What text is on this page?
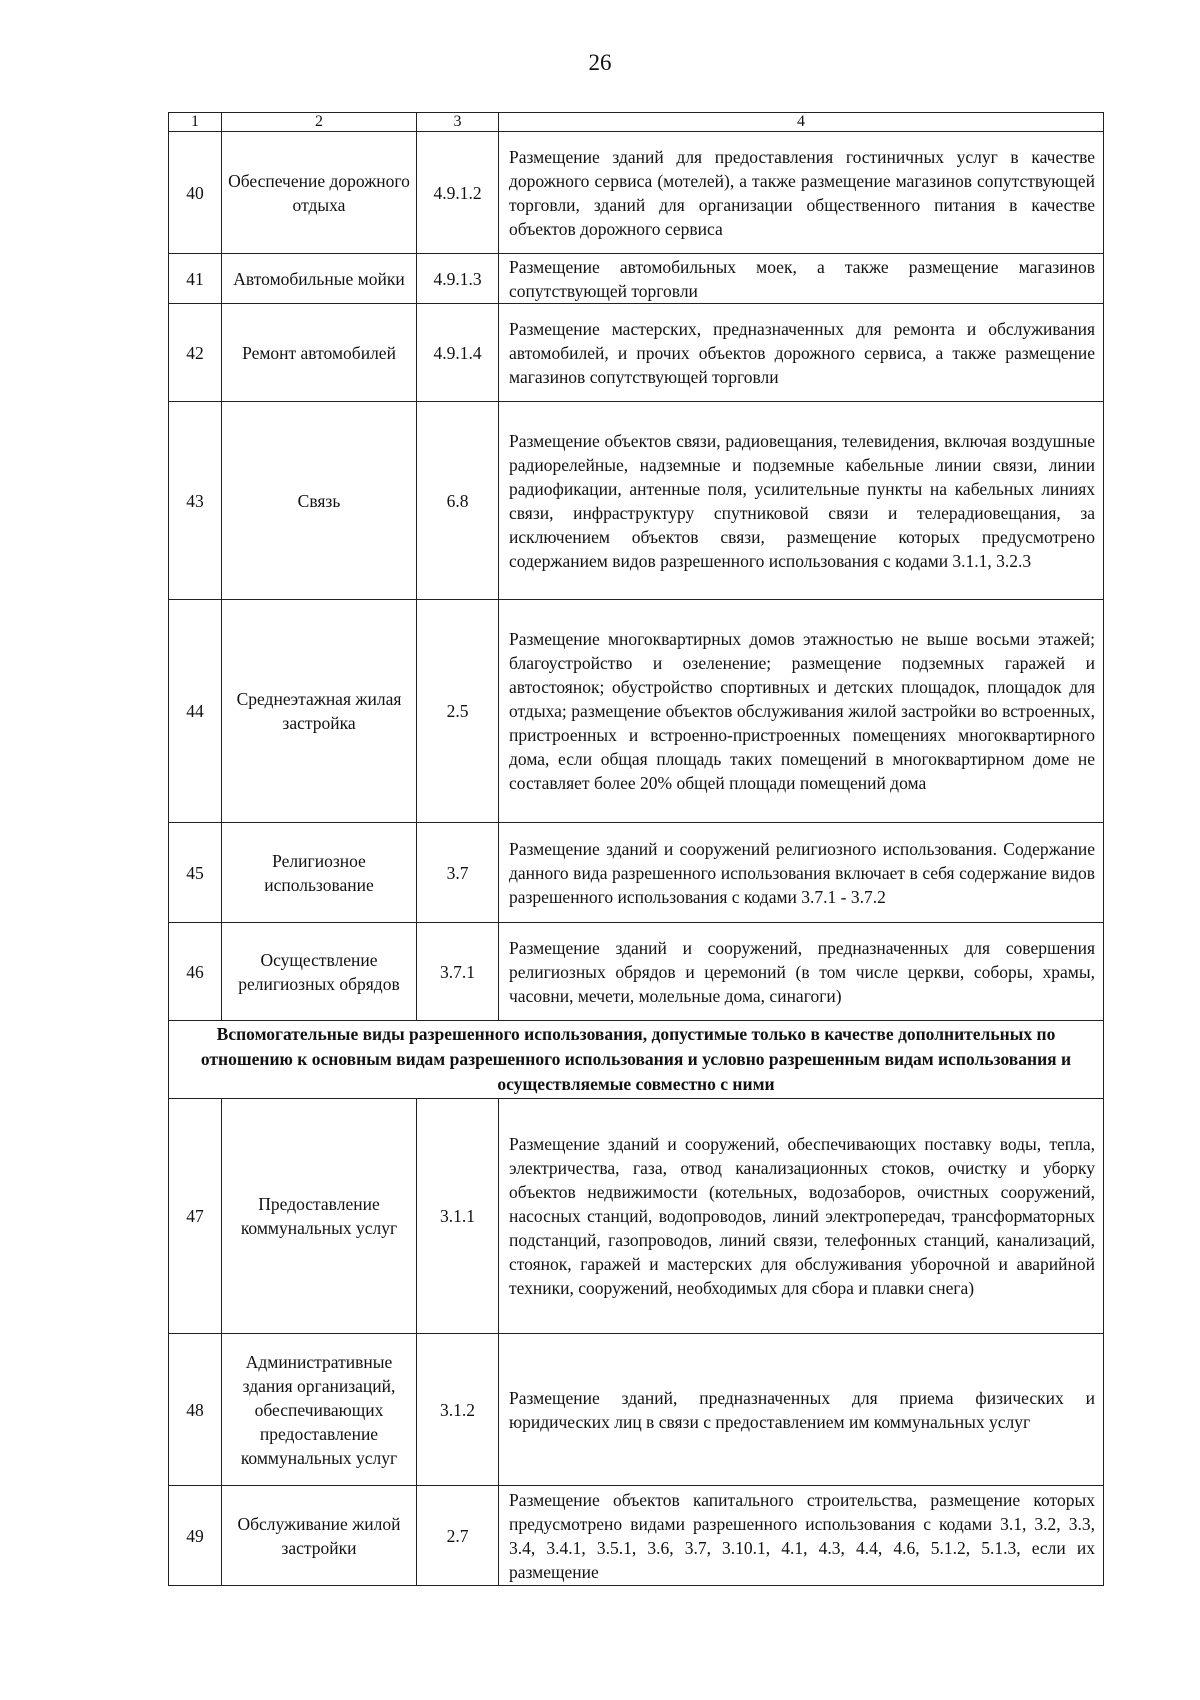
26
1	2	3	4
40	Обеспечение дорожного отдыха	4.9.1.2	Размещение зданий для предоставления гостиничных услуг в качестве дорожного сервиса (мотелей), а также размещение магазинов сопутствующей торговли, зданий для организации общественного питания в качестве объектов дорожного сервиса
41	Автомобильные мойки	4.9.1.3	Размещение автомобильных моек, а также размещение магазинов сопутствующей торговли
42	Ремонт автомобилей	4.9.1.4	Размещение мастерских, предназначенных для ремонта и обслуживания автомобилей, и прочих объектов дорожного сервиса, а также размещение магазинов сопутствующей торговли
43	Связь	6.8	Размещение объектов связи, радиовещания, телевидения, включая воздушные радиорелейные, надземные и подземные кабельные линии связи, линии радиофикации, антенные поля, усилительные пункты на кабельных линиях связи, инфраструктуру спутниковой связи и телерадиовещания, за исключением объектов связи, размещение которых предусмотрено содержанием видов разрешенного использования с кодами 3.1.1, 3.2.3
44	Среднеэтажная жилая застройка	2.5	Размещение многоквартирных домов этажностью не выше восьми этажей; благоустройство и озеленение; размещение подземных гаражей и автостоянок; обустройство спортивных и детских площадок, площадок для отдыха; размещение объектов обслуживания жилой застройки во встроенных, пристроенных и встроенно-пристроенных помещениях многоквартирного дома, если общая площадь таких помещений в многоквартирном доме не составляет более 20% общей площади помещений дома
45	Религиозное использование	3.7	Размещение зданий и сооружений религиозного использования. Содержание данного вида разрешенного использования включает в себя содержание видов разрешенного использования с кодами 3.7.1 - 3.7.2
46	Осуществление религиозных обрядов	3.7.1	Размещение зданий и сооружений, предназначенных для совершения религиозных обрядов и церемоний (в том числе церкви, соборы, храмы, часовни, мечети, молельные дома, синагоги)
Вспомогательные виды разрешенного использования, допустимые только в качестве дополнительных по отношению к основным видам разрешенного использования и условно разрешенным видам использования и осуществляемые совместно с ними			
47	Предоставление коммунальных услуг	3.1.1	Размещение зданий и сооружений, обеспечивающих поставку воды, тепла, электричества, газа, отвод канализационных стоков, очистку и уборку объектов недвижимости (котельных, водозаборов, очистных сооружений, насосных станций, водопроводов, линий электропередач, трансформаторных подстанций, газопроводов, линий связи, телефонных станций, канализаций, стоянок, гаражей и мастерских для обслуживания уборочной и аварийной техники, сооружений, необходимых для сбора и плавки снега)
48	Административные здания организаций, обеспечивающих предоставление коммунальных услуг	3.1.2	Размещение зданий, предназначенных для приема физических и юридических лиц в связи с предоставлением им коммунальных услуг
49	Обслуживание жилой застройки	2.7	Размещение объектов капитального строительства, размещение которых предусмотрено видами разрешенного использования с кодами 3.1, 3.2, 3.3, 3.4, 3.4.1, 3.5.1, 3.6, 3.7, 3.10.1, 4.1, 4.3, 4.4, 4.6, 5.1.2, 5.1.3, если их размещение
